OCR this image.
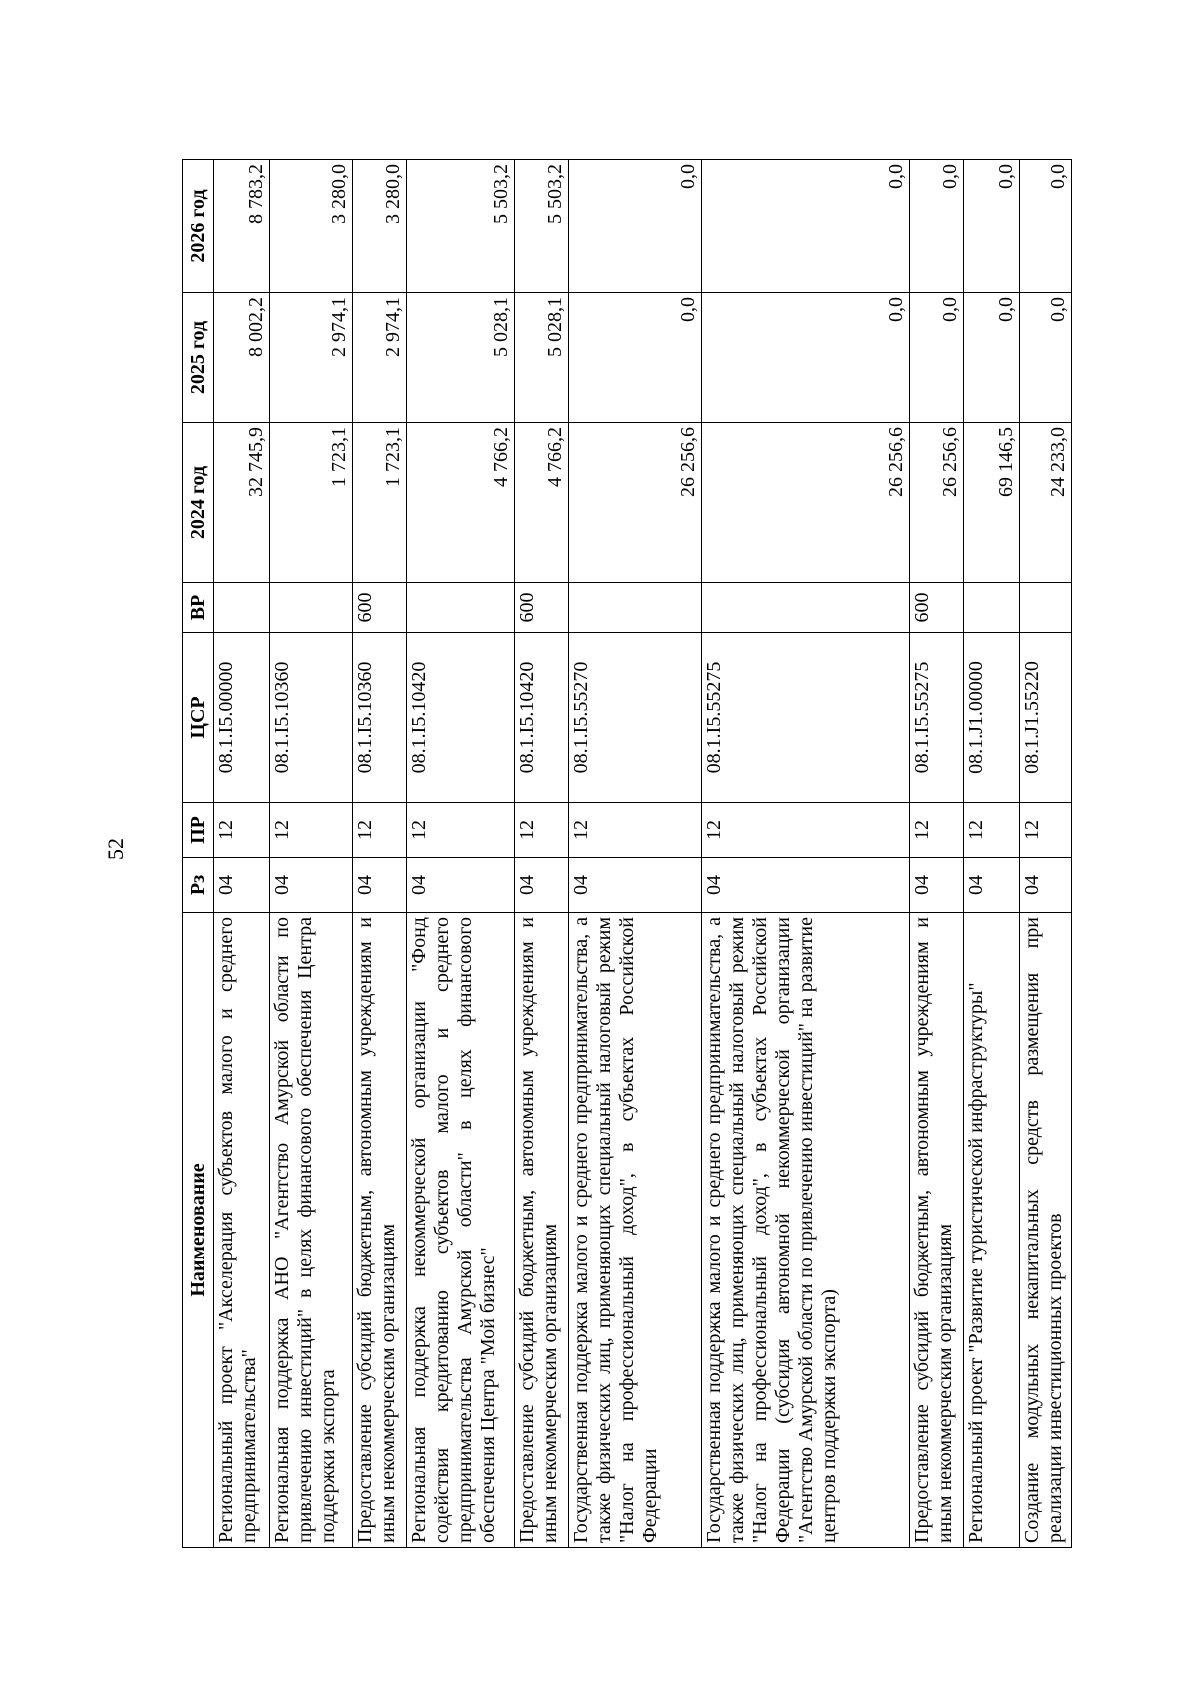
52
Наименование	Рз	ПР	ЦСР	ВР	2024 год	2025 год	2026 год
Региональный проект "Акселерация субъектов малого и среднего предпринимательства"	04	12	08.1.I5.00000		32 745,9	8 002,2	8 783,2
Региональная поддержка АНО "Агентство Амурской области по привлечению инвестиций" в целях финансового обеспечения Центра поддержки экспорта	04	12	08.1.I5.10360		1 723,1	2 974,1	3 280,0
Предоставление субсидий бюджетным, автономным учреждениям и иным некоммерческим организациям	04	12	08.1.I5.10360	600	1 723,1	2 974,1	3 280,0
Региональная поддержка некоммерческой организации "Фонд содействия кредитованию субъектов малого и среднего предпринимательства Амурской области" в целях финансового обеспечения Центра "Мой бизнес"	04	12	08.1.I5.10420		4 766,2	5 028,1	5 503,2
Предоставление субсидий бюджетным, автономным учреждениям и иным некоммерческим организациям	04	12	08.1.I5.10420	600	4 766,2	5 028,1	5 503,2
Государственная поддержка малого и среднего предпринимательства, а также физических лиц, применяющих специальный налоговый режим "Налог на профессиональный доход", в субъектах Российской Федерации	04	12	08.1.I5.55270		26 256,6	0,0	0,0
Государственная поддержка малого и среднего предпринимательства, а также физических лиц, применяющих специальный налоговый режим "Налог на профессиональный доход", в субъектах Российской Федерации (субсидия автономной некоммерческой организации "Агентство Амурской области по привлечению инвестиций" на развитие центров поддержки экспорта)	04	12	08.1.I5.55275		26 256,6	0,0	0,0
Предоставление субсидий бюджетным, автономным учреждениям и иным некоммерческим организациям	04	12	08.1.I5.55275	600	26 256,6	0,0	0,0
Региональный проект "Развитие туристической инфраструктуры"	04	12	08.1.J1.00000		69 146,5	0,0	0,0
Создание модульных некапитальных средств размещения при реализации инвестиционных проектов	04	12	08.1.J1.55220		24 233,0	0,0	0,0
